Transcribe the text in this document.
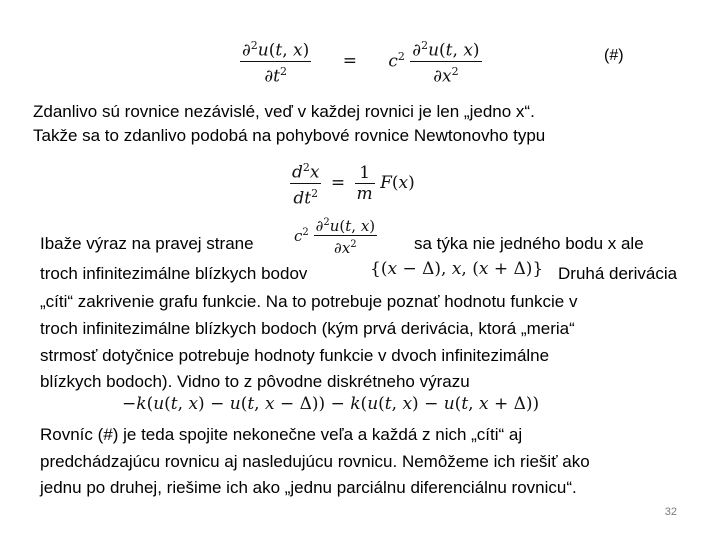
$\frac{\partial^2u(t, x)}{\partial t^2} = c^2 \frac{\partial^2u(t, x)}{\partial x^2}$	(#)
Zdanlivo sú rovnice nezávislé, veď v každej rovnici je len „jedno x“.
Takže sa to zdanlivo podobá na pohybové rovnice Newtonovho typu
$\frac{d^2x}{dt^2} = \frac{1}{m} F(x)$
Ibaže výraz na pravej strane	$c^2 \frac{\partial^2u(t, x)}{\partial x^2}$ sa týka nie jedného bodu x ale
troch infinitezimálne blízkych bodov	{(x − Δ), x, (x + Δ)} Druhá derivácia
„cíti“ zakrivenie grafu funkcie. Na to potrebuje poznať hodnotu funkcie v
troch infinitezimálne blízkych bodoch (kým prvá derivácia, ktorá „meria“
strmosť dotyčnice potrebuje hodnoty funkcie v dvoch infinitezimálne
blízkych bodoch). Vidno to z pôvodne diskrétneho výrazu
−k(u(t, x) − u(t, x − Δ)) − k(u(t, x) − u(t, x + Δ))
Rovníc (#) je teda spojite nekonečne veľa a každá z nich „cíti“ aj
predchádzajúcu rovnicu aj nasledujúcu rovnicu. Nemôžeme ich riešiť ako
jednu po druhej, riešime ich ako „jednu parciálnu diferenciálnu rovnicu“.
32
